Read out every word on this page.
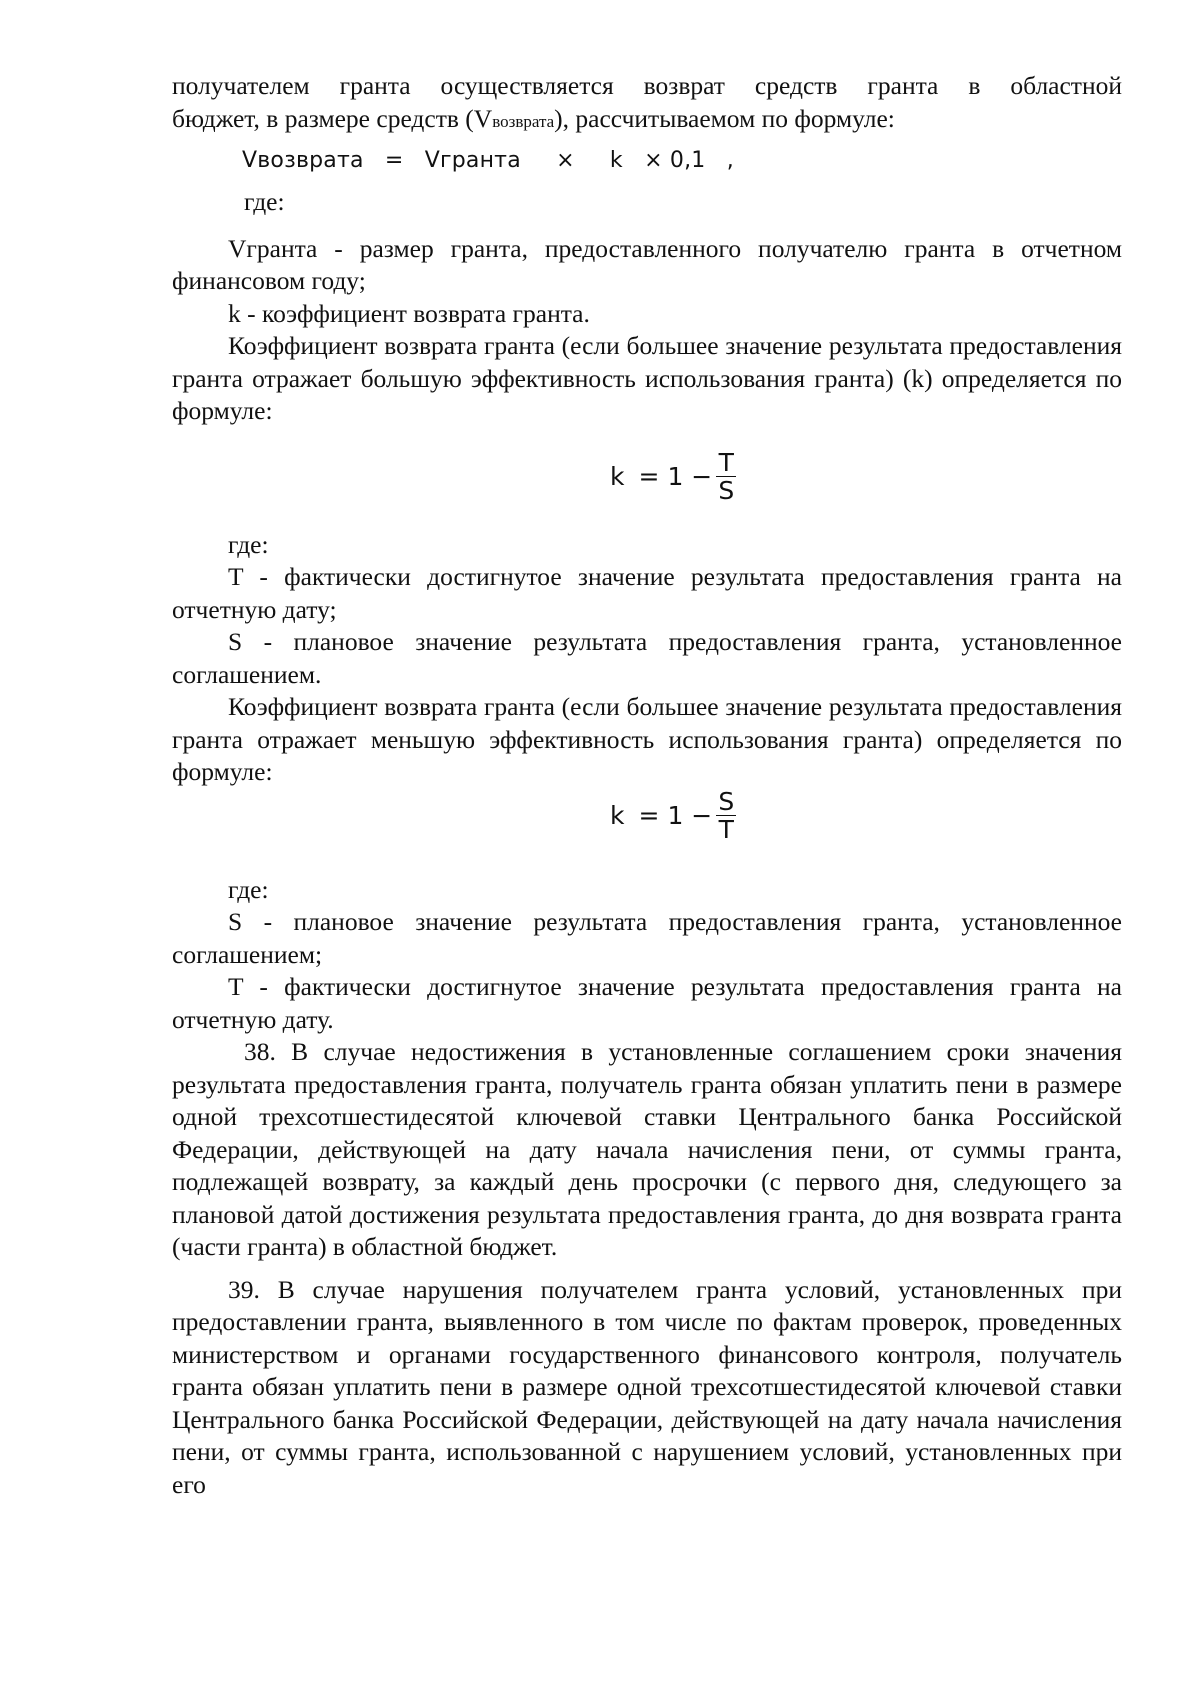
получателем гранта осуществляется возврат средств гранта в областной

бюджет, в размере средств (Vвозврата), рассчитываемом по формуле:

Vвозврата = Vгранта × k × 0,1 ,

где:

Vгранта - размер гранта, предоставленного получателю гранта в отчетном финансовом году;

k - коэффициент возврата гранта.

Коэффициент возврата гранта (если большее значение результата предоставления гранта отражает большую эффективность использования гранта) (k) определяется по формуле:

$k = 1 - \frac{T}{S}$

где:

T - фактически достигнутое значение результата предоставления гранта на отчетную дату;

S - плановое значение результата предоставления гранта, установленное соглашением.

Коэффициент возврата гранта (если большее значение результата предоставления гранта отражает меньшую эффективность использования гранта) определяется по формуле:

$k = 1 - \frac{S}{T}$

где:

S - плановое значение результата предоставления гранта, установленное соглашением;

T - фактически достигнутое значение результата предоставления гранта на отчетную дату.

38. В случае недостижения в установленные соглашением сроки значения результата предоставления гранта, получатель гранта обязан уплатить пени в размере одной трехсотшестидесятой ключевой ставки Центрального банка Российской Федерации, действующей на дату начала начисления пени, от суммы гранта, подлежащей возврату, за каждый день просрочки (с первого дня, следующего за плановой датой достижения результата предоставления гранта, до дня возврата гранта (части гранта) в областной бюджет.

39. В случае нарушения получателем гранта условий, установленных при предоставлении гранта, выявленного в том числе по фактам проверок, проведенных министерством и органами государственного финансового контроля, получатель гранта обязан уплатить пени в размере одной трехсотшестидесятой ключевой ставки Центрального банка Российской Федерации, действующей на дату начала начисления пени, от суммы гранта, использованной с нарушением условий, установленных при его
